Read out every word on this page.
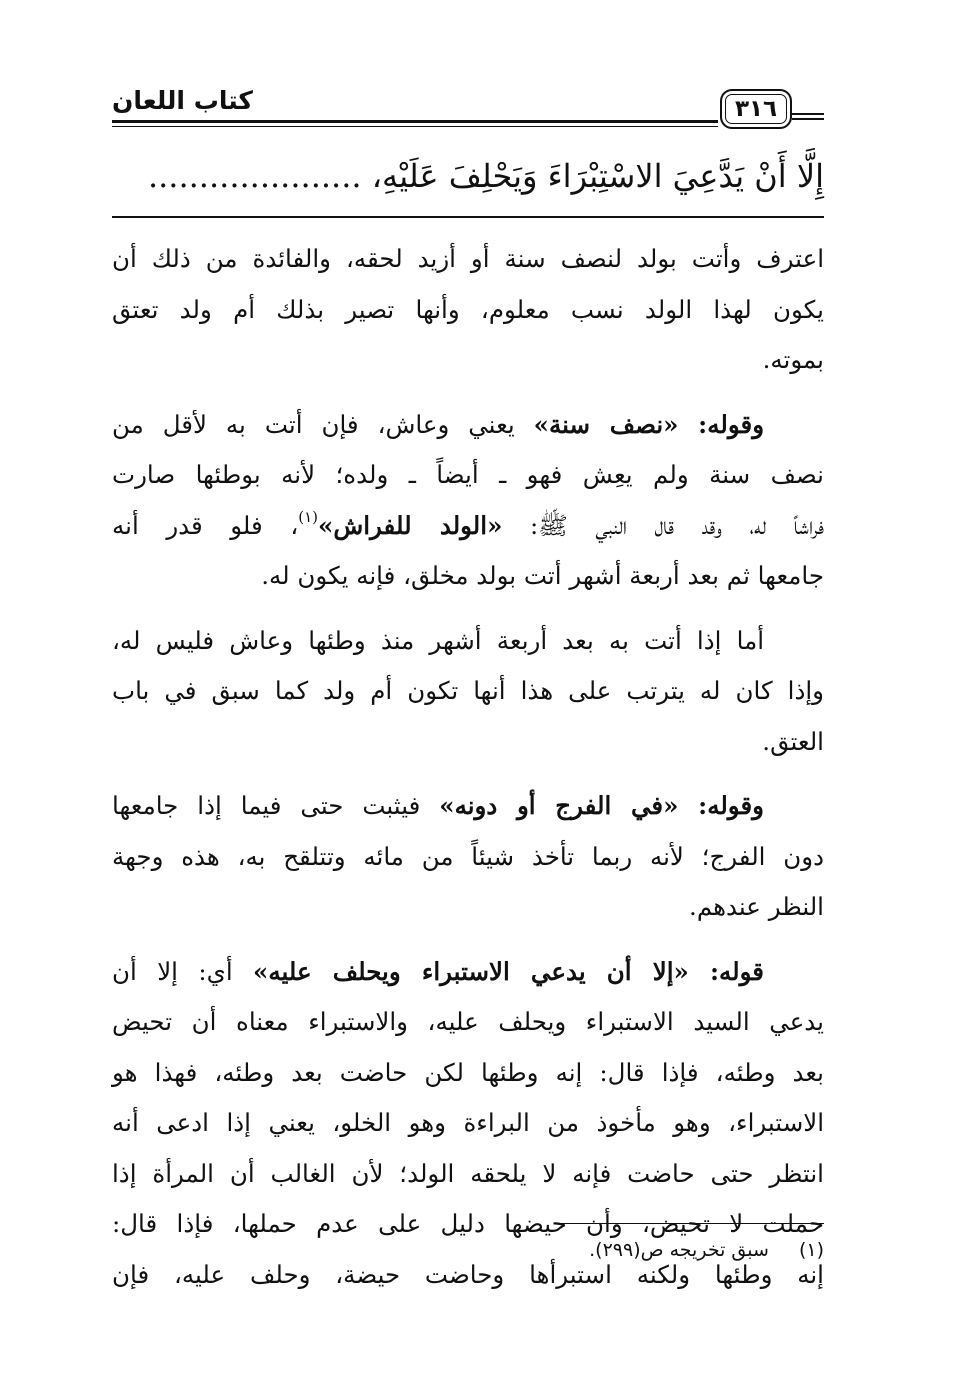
كتاب اللعان	٣١٦
إِلَّا أَنْ يَدَّعِيَ الاسْتِبْرَاءَ وَيَحْلِفَ عَلَيْهِ، .....................

اعترف وأتت بولد لنصف سنة أو أزيد لحقه، والفائدة من ذلك أن
يكون لهذا الولد نسب معلوم، وأنها تصير بذلك أم ولد تعتق
بموته.

وقوله: «نصف سنة» يعني وعاش، فإن أتت به لأقل من
نصف سنة ولم يعِش فهو ـ أيضاً ـ ولده؛ لأنه بوطئها صارت
فراشاً له، وقد قال النبي ﷺ: «الولد للفراش»$^{(١)}$، فلو قدر أنه
جامعها ثم بعد أربعة أشهر أتت بولد مخلق، فإنه يكون له.

أما إذا أتت به بعد أربعة أشهر منذ وطئها وعاش فليس له،
وإذا كان له يترتب على هذا أنها تكون أم ولد كما سبق في باب
العتق.

وقوله: «في الفرج أو دونه» فيثبت حتى فيما إذا جامعها
دون الفرج؛ لأنه ربما تأخذ شيئاً من مائه وتتلقح به، هذه وجهة
النظر عندهم.

قوله: «إلا أن يدعي الاستبراء ويحلف عليه» أي: إلا أن
يدعي السيد الاستبراء ويحلف عليه، والاستبراء معناه أن تحيض
بعد وطئه، فإذا قال: إنه وطئها لكن حاضت بعد وطئه، فهذا هو
الاستبراء، وهو مأخوذ من البراءة وهو الخلو، يعني إذا ادعى أنه
انتظر حتى حاضت فإنه لا يلحقه الولد؛ لأن الغالب أن المرأة إذا
حملت لا تحيض، وأن حيضها دليل على عدم حملها، فإذا قال:
إنه وطئها ولكنه استبرأها وحاضت حيضة، وحلف عليه، فإن

(١)سبق تخريجه ص(٢٩٩).
